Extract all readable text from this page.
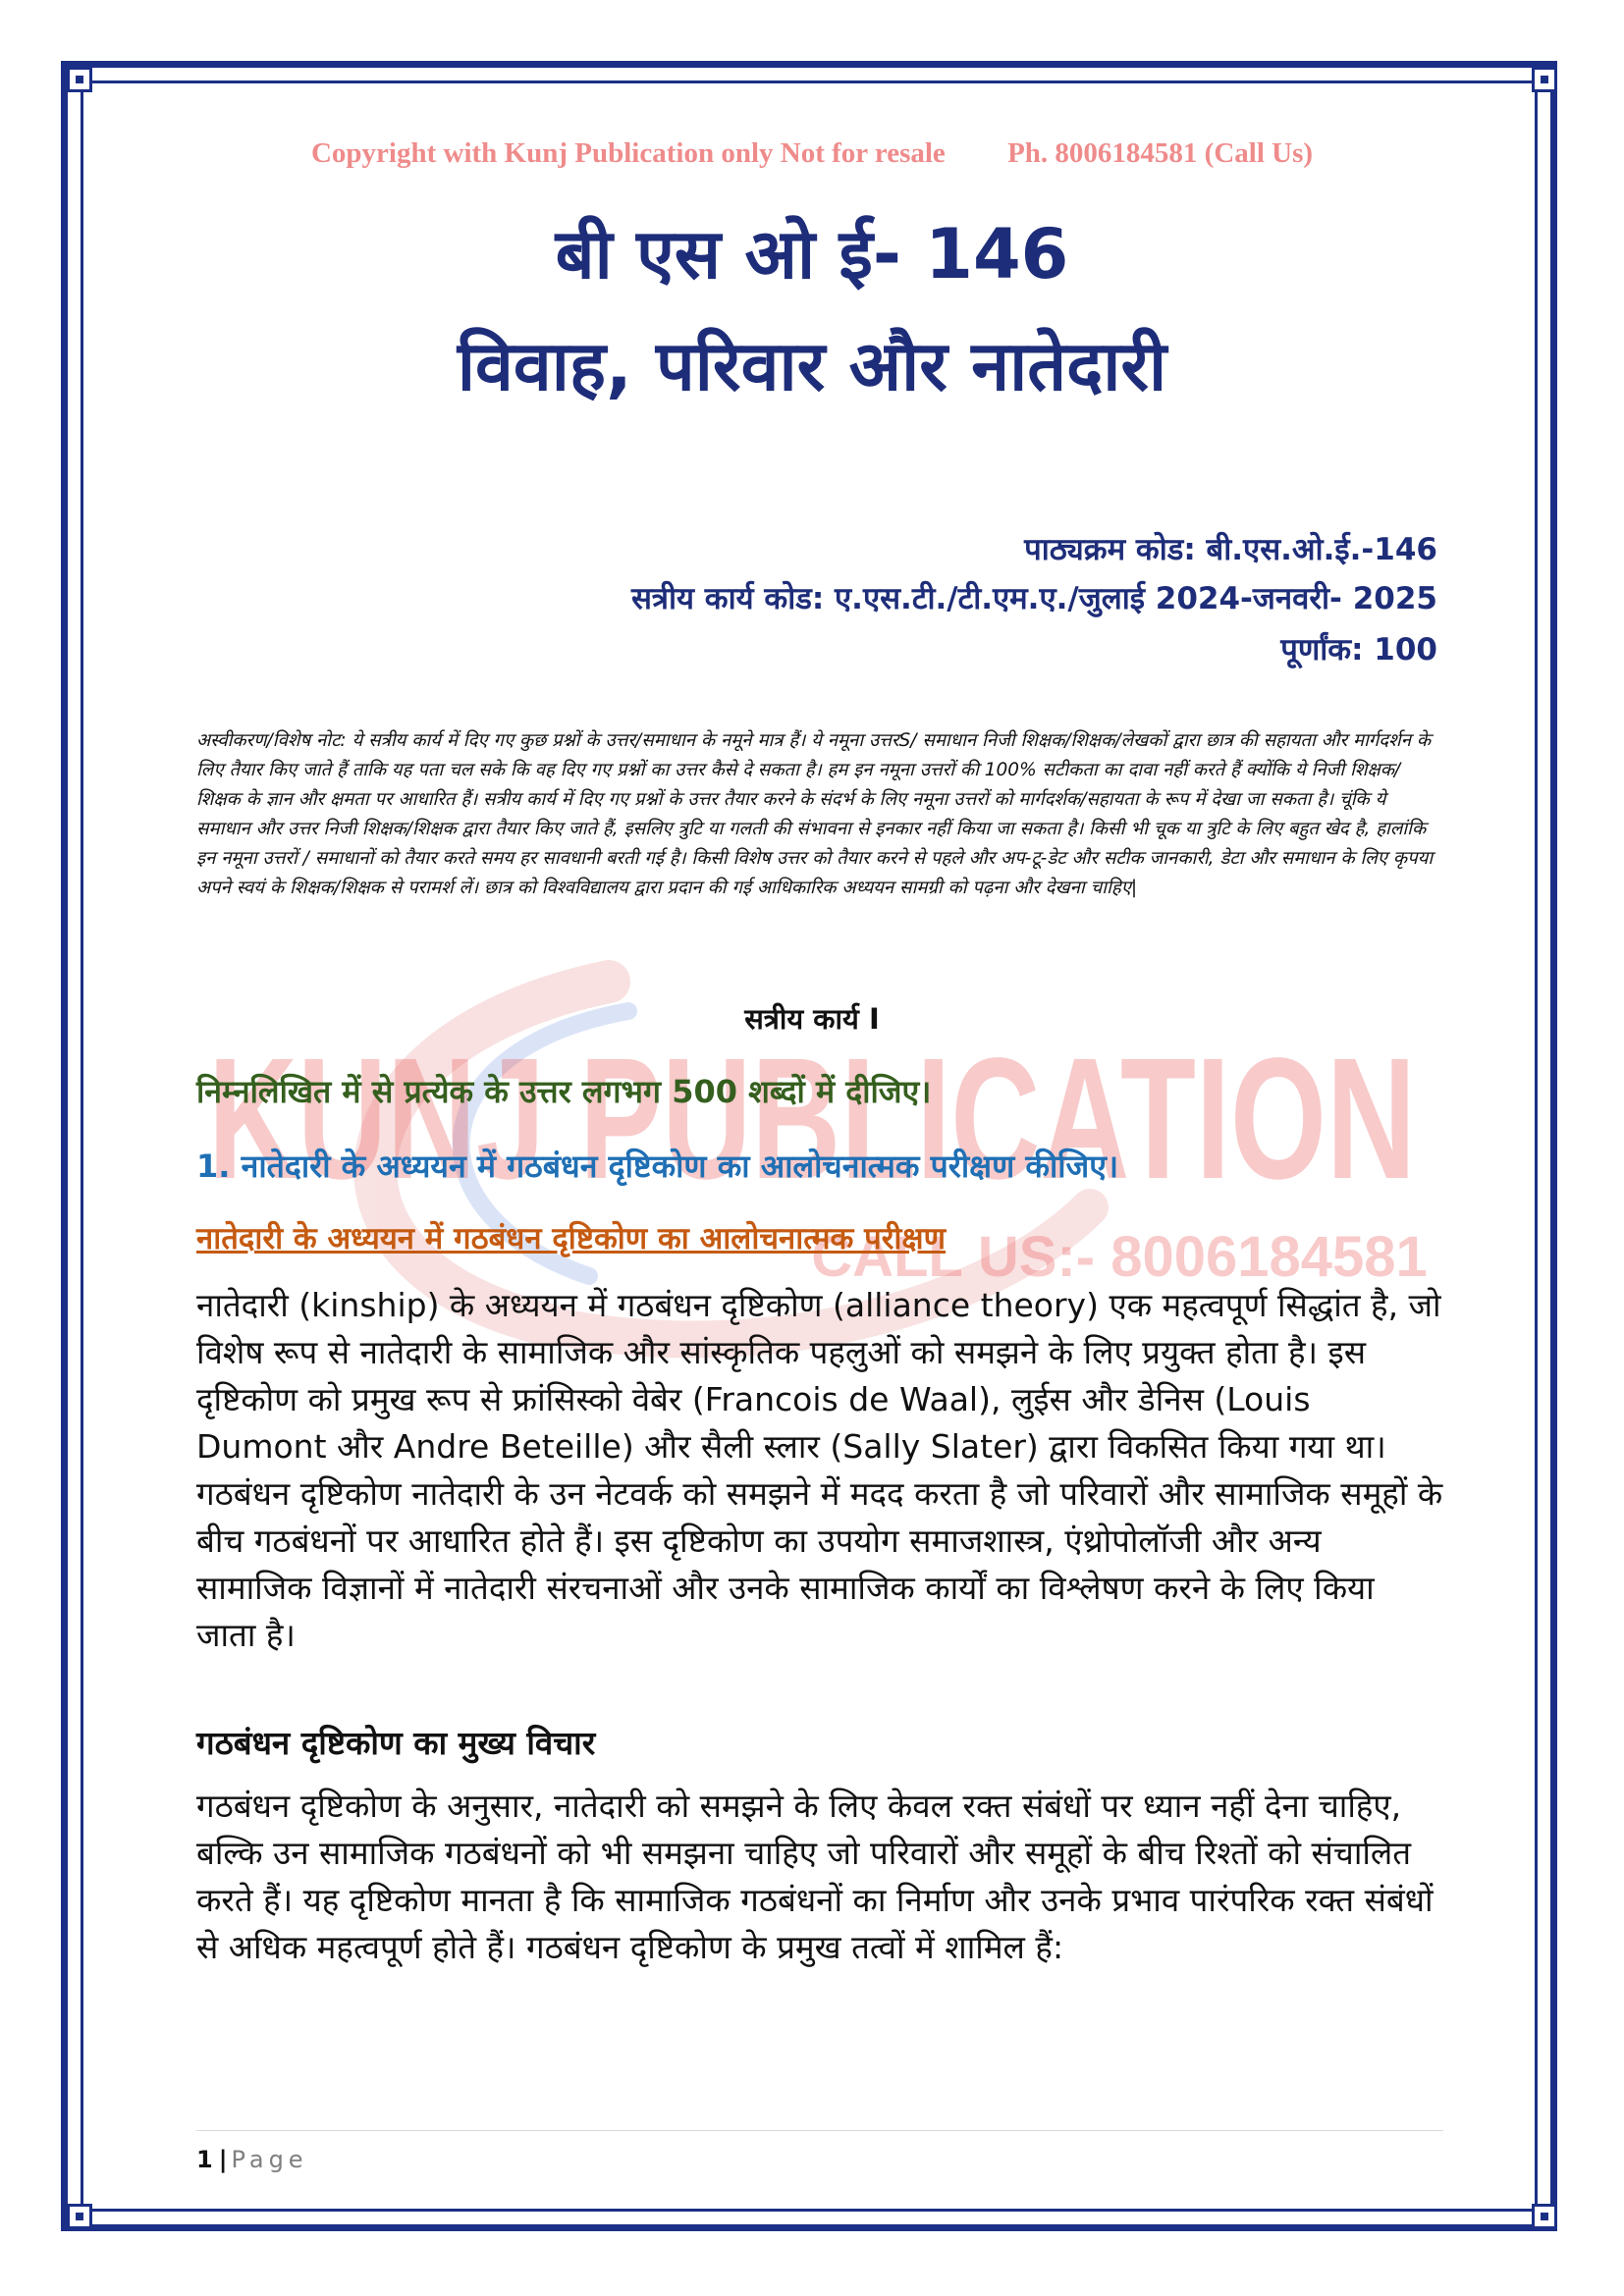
KUNJ PUBLICATION
CALL US:- 8006184581
Copyright with Kunj Publication only Not for resale Ph. 8006184581 (Call Us)
बी एस ओ ई- 146
विवाह, परिवार और नातेदारी
पाठ्यक्रम कोड: बी.एस.ओ.ई.-146
सत्रीय कार्य कोड: ए.एस.टी./टी.एम.ए./जुलाई 2024-जनवरी- 2025
पूर्णांक: 100
अस्वीकरण/विशेष नोट: ये सत्रीय कार्य में दिए गए कुछ प्रश्नों के उत्तर/समाधान के नमूने मात्र हैं। ये नमूना उत्तरS/ समाधान निजी शिक्षक/शिक्षक/लेखकों द्वारा छात्र की सहायता और मार्गदर्शन के लिए तैयार किए जाते हैं ताकि यह पता चल सके कि वह दिए गए प्रश्नों का उत्तर कैसे दे सकता है। हम इन नमूना उत्तरों की 100% सटीकता का दावा नहीं करते हैं क्योंकि ये निजी शिक्षक/शिक्षक के ज्ञान और क्षमता पर आधारित हैं। सत्रीय कार्य में दिए गए प्रश्नों के उत्तर तैयार करने के संदर्भ के लिए नमूना उत्तरों को मार्गदर्शक/सहायता के रूप में देखा जा सकता है। चूंकि ये समाधान और उत्तर निजी शिक्षक/शिक्षक द्वारा तैयार किए जाते हैं, इसलिए त्रुटि या गलती की संभावना से इनकार नहीं किया जा सकता है। किसी भी चूक या त्रुटि के लिए बहुत खेद है, हालांकि इन नमूना उत्तरों / समाधानों को तैयार करते समय हर सावधानी बरती गई है। किसी विशेष उत्तर को तैयार करने से पहले और अप-टू-डेट और सटीक जानकारी, डेटा और समाधान के लिए कृपया अपने स्वयं के शिक्षक/शिक्षक से परामर्श लें। छात्र को विश्वविद्यालय द्वारा प्रदान की गई आधिकारिक अध्ययन सामग्री को पढ़ना और देखना चाहिए|
सत्रीय कार्य I
निम्नलिखित में से प्रत्येक के उत्तर लगभग 500 शब्दों में दीजिए।
1. नातेदारी के अध्ययन में गठबंधन दृष्टिकोण का आलोचनात्मक परीक्षण कीजिए।
नातेदारी के अध्ययन में गठबंधन दृष्टिकोण का आलोचनात्मक परीक्षण
नातेदारी (kinship) के अध्ययन में गठबंधन दृष्टिकोण (alliance theory) एक महत्वपूर्ण सिद्धांत है, जो विशेष रूप से नातेदारी के सामाजिक और सांस्कृतिक पहलुओं को समझने के लिए प्रयुक्त होता है। इस दृष्टिकोण को प्रमुख रूप से फ्रांसिस्को वेबेर (Francois de Waal), लुईस और डेनिस (Louis Dumont और Andre Beteille) और सैली स्लार (Sally Slater) द्वारा विकसित किया गया था। गठबंधन दृष्टिकोण नातेदारी के उन नेटवर्क को समझने में मदद करता है जो परिवारों और सामाजिक समूहों के बीच गठबंधनों पर आधारित होते हैं। इस दृष्टिकोण का उपयोग समाजशास्त्र, एंथ्रोपोलॉजी और अन्य सामाजिक विज्ञानों में नातेदारी संरचनाओं और उनके सामाजिक कार्यों का विश्लेषण करने के लिए किया जाता है।
गठबंधन दृष्टिकोण का मुख्य विचार
गठबंधन दृष्टिकोण के अनुसार, नातेदारी को समझने के लिए केवल रक्त संबंधों पर ध्यान नहीं देना चाहिए, बल्कि उन सामाजिक गठबंधनों को भी समझना चाहिए जो परिवारों और समूहों के बीच रिश्तों को संचालित करते हैं। यह दृष्टिकोण मानता है कि सामाजिक गठबंधनों का निर्माण और उनके प्रभाव पारंपरिक रक्त संबंधों से अधिक महत्वपूर्ण होते हैं। गठबंधन दृष्टिकोण के प्रमुख तत्वों में शामिल हैं:
1 | Page
